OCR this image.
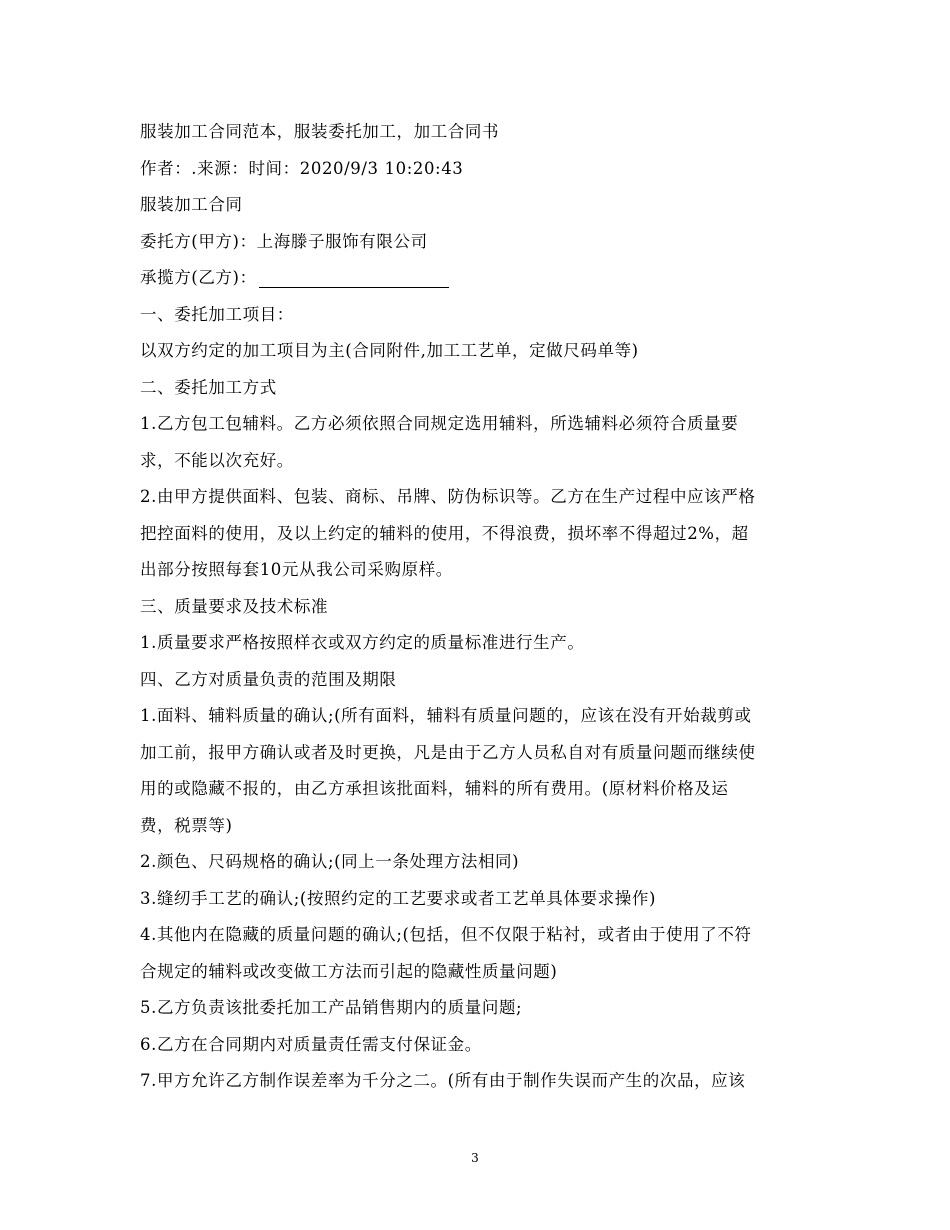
服装加工合同范本，服装委托加工，加工合同书
作者：.来源：时间：2020/9/3 10:20:43
服装加工合同
委托方(甲方)：上海滕子服饰有限公司
承揽方(乙方)：
一、委托加工项目：
以双方约定的加工项目为主(合同附件,加工工艺单，定做尺码单等)
二、委托加工方式
1.乙方包工包辅料。乙方必须依照合同规定选用辅料，所选辅料必须符合质量要
求，不能以次充好。
2.由甲方提供面料、包装、商标、吊牌、防伪标识等。乙方在生产过程中应该严格
把控面料的使用，及以上约定的辅料的使用，不得浪费，损坏率不得超过2%，超
出部分按照每套10元从我公司采购原样。
三、质量要求及技术标准
1.质量要求严格按照样衣或双方约定的质量标准进行生产。
四、乙方对质量负责的范围及期限
1.面料、辅料质量的确认;(所有面料，辅料有质量问题的，应该在没有开始裁剪或
加工前，报甲方确认或者及时更换，凡是由于乙方人员私自对有质量问题而继续使
用的或隐藏不报的，由乙方承担该批面料，辅料的所有费用。(原材料价格及运
费，税票等)
2.颜色、尺码规格的确认;(同上一条处理方法相同)
3.缝纫手工艺的确认;(按照约定的工艺要求或者工艺单具体要求操作)
4.其他内在隐藏的质量问题的确认;(包括，但不仅限于粘衬，或者由于使用了不符
合规定的辅料或改变做工方法而引起的隐藏性质量问题)
5.乙方负责该批委托加工产品销售期内的质量问题;
6.乙方在合同期内对质量责任需支付保证金。
7.甲方允许乙方制作误差率为千分之二。(所有由于制作失误而产生的次品，应该
3
